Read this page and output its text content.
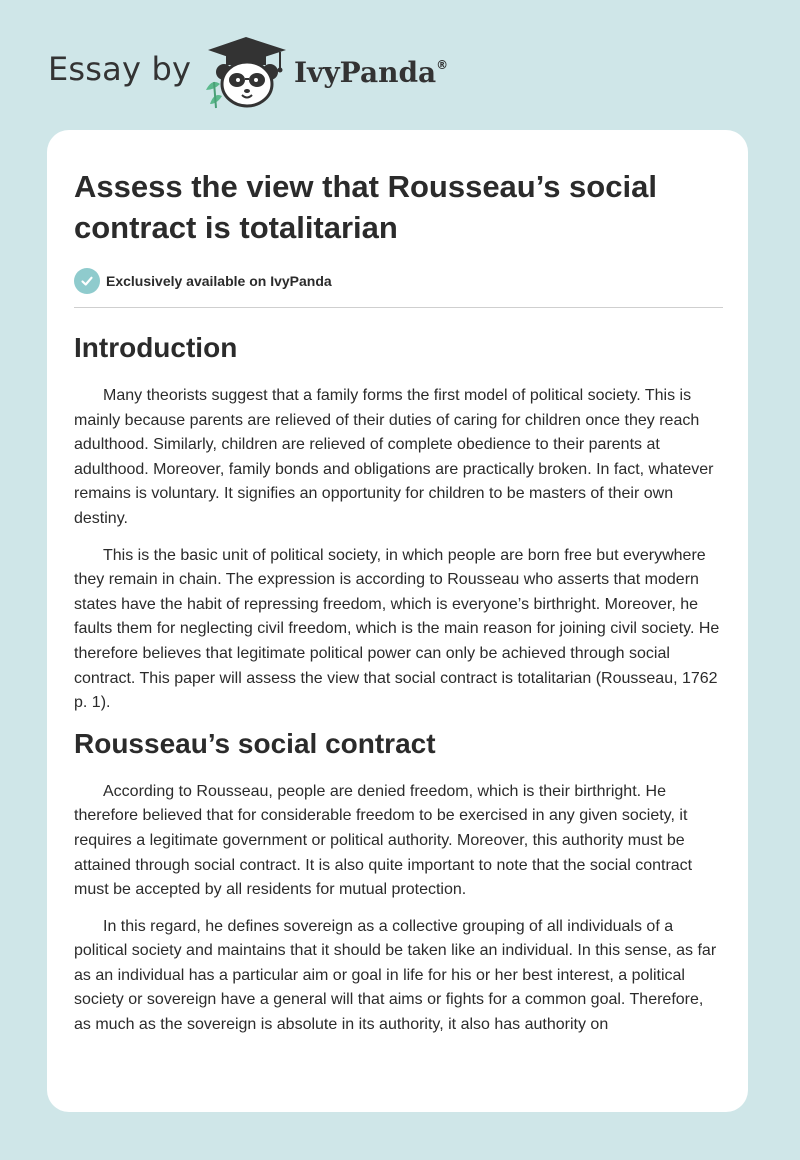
Essay by	IvyPanda®
Assess the view that Rousseau’s social contract is totalitarian
Exclusively available on IvyPanda
Introduction

Many theorists suggest that a family forms the first model of political society. This is mainly because parents are relieved of their duties of caring for children once they reach adulthood. Similarly, children are relieved of complete obedience to their parents at adulthood. Moreover, family bonds and obligations are practically broken. In fact, whatever remains is voluntary. It signifies an opportunity for children to be masters of their own destiny.

This is the basic unit of political society, in which people are born free but everywhere they remain in chain. The expression is according to Rousseau who asserts that modern states have the habit of repressing freedom, which is everyone’s birthright. Moreover, he faults them for neglecting civil freedom, which is the main reason for joining civil society. He therefore believes that legitimate political power can only be achieved through social contract. This paper will assess the view that social contract is totalitarian (Rousseau, 1762 p. 1).

Rousseau’s social contract

According to Rousseau, people are denied freedom, which is their birthright. He therefore believed that for considerable freedom to be exercised in any given society, it requires a legitimate government or political authority. Moreover, this authority must be attained through social contract. It is also quite important to note that the social contract must be accepted by all residents for mutual protection.

In this regard, he defines sovereign as a collective grouping of all individuals of a political society and maintains that it should be taken like an individual. In this sense, as far as an individual has a particular aim or goal in life for his or her best interest, a political society or sovereign have a general will that aims or fights for a common goal. Therefore, as much as the sovereign is absolute in its authority, it also has authority on
